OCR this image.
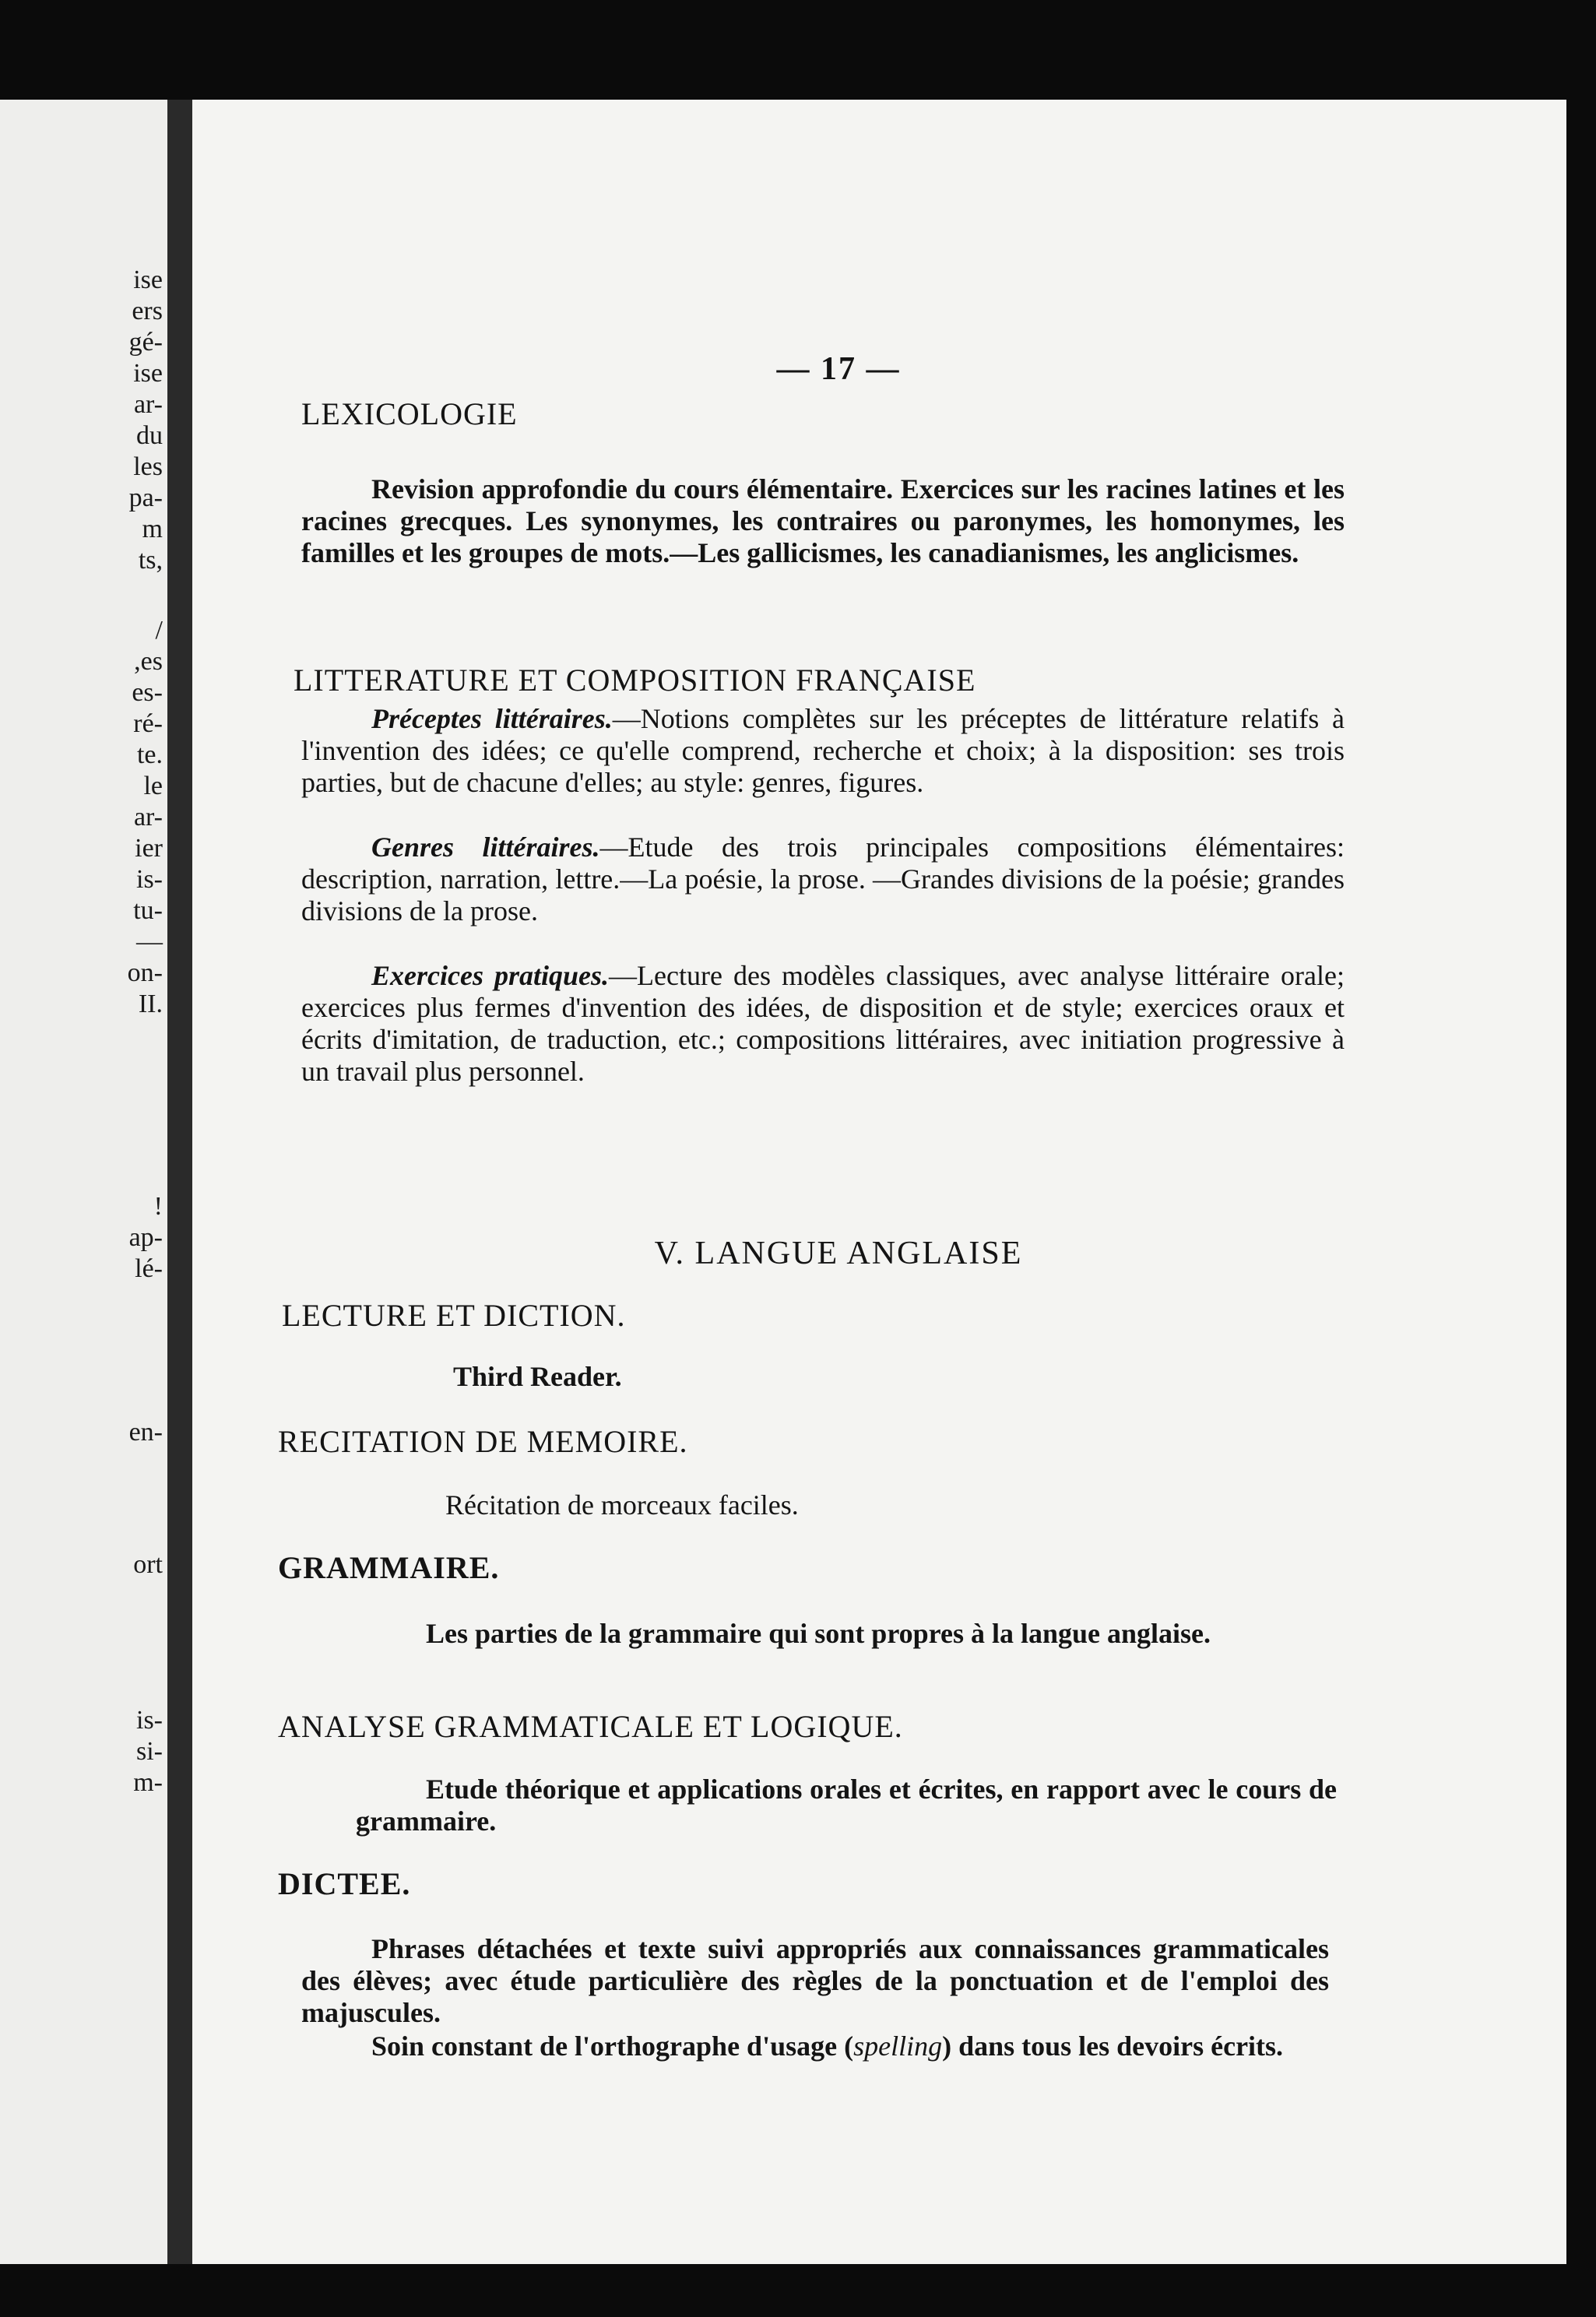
ise
ers
gé-
ise
ar-
du
les
pa-
m
ts,
/
,es
es-
ré-
te.
le
ar-
ier
is-
tu-
—
on-
II.
!
ap-
lé-
en-
ort
is-
si-
m-
— 17 —
LEXICOLOGIE
Revision approfondie du cours élémentaire. Exercices sur les racines latines et les racines grecques. Les synonymes, les contraires ou paronymes, les homonymes, les familles et les groupes de mots.—Les gallicismes, les canadianismes, les anglicismes.
LITTERATURE ET COMPOSITION FRANÇAISE
Préceptes littéraires.—Notions complètes sur les préceptes de littérature relatifs à l'invention des idées; ce qu'elle comprend, recherche et choix; à la disposition: ses trois parties, but de chacune d'elles; au style: genres, figures.
Genres littéraires.—Etude des trois principales compositions élémentaires: description, narration, lettre.—La poésie, la prose. —Grandes divisions de la poésie; grandes divisions de la prose.
Exercices pratiques.—Lecture des modèles classiques, avec analyse littéraire orale; exercices plus fermes d'invention des idées, de disposition et de style; exercices oraux et écrits d'imitation, de traduction, etc.; compositions littéraires, avec initiation progressive à un travail plus personnel.
V. LANGUE ANGLAISE
LECTURE ET DICTION.
Third Reader.
RECITATION DE MEMOIRE.
Récitation de morceaux faciles.
GRAMMAIRE.
Les parties de la grammaire qui sont propres à la langue anglaise.
ANALYSE GRAMMATICALE ET LOGIQUE.
Etude théorique et applications orales et écrites, en rapport avec le cours de grammaire.
DICTEE.
Phrases détachées et texte suivi appropriés aux connaissances grammaticales des élèves; avec étude particulière des règles de la ponctuation et de l'emploi des majuscules.
Soin constant de l'orthographe d'usage (spelling) dans tous les devoirs écrits.
